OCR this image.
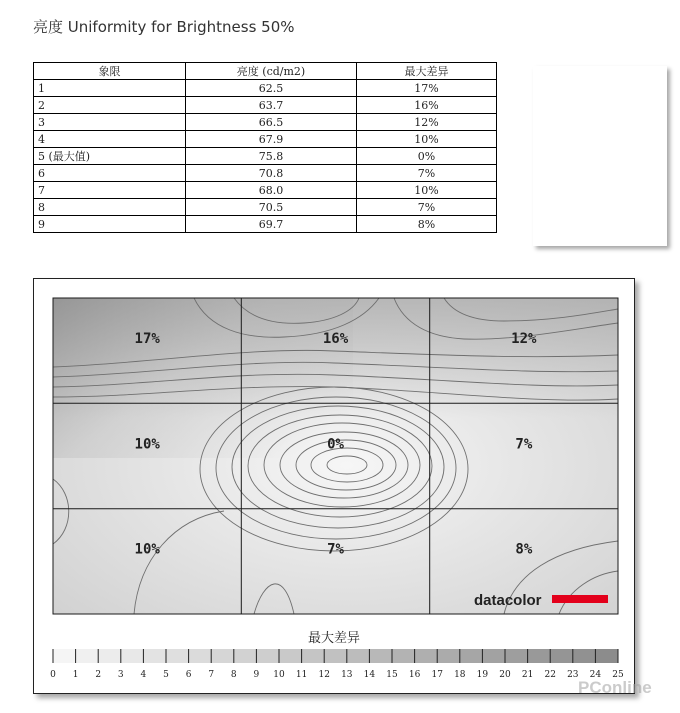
亮度 Uniformity for Brightness 50%
象限	亮度 (cd/m2)	最大差异
1	62.5	17%
2	63.7	16%
3	66.5	12%
4	67.9	10%
5 (最大值)	75.8	0%
6	70.8	7%
7	68.0	10%
8	70.5	7%
9	69.7	8%
17%	16%	12%
10%	0%	7%
10%	7%	8%
datacolor
最大差异
0 1 2 3 4 5 6 7 8 9 10 11 12 13 14 15 16 17 18 19 20 21 22 23 24 25
PConline
